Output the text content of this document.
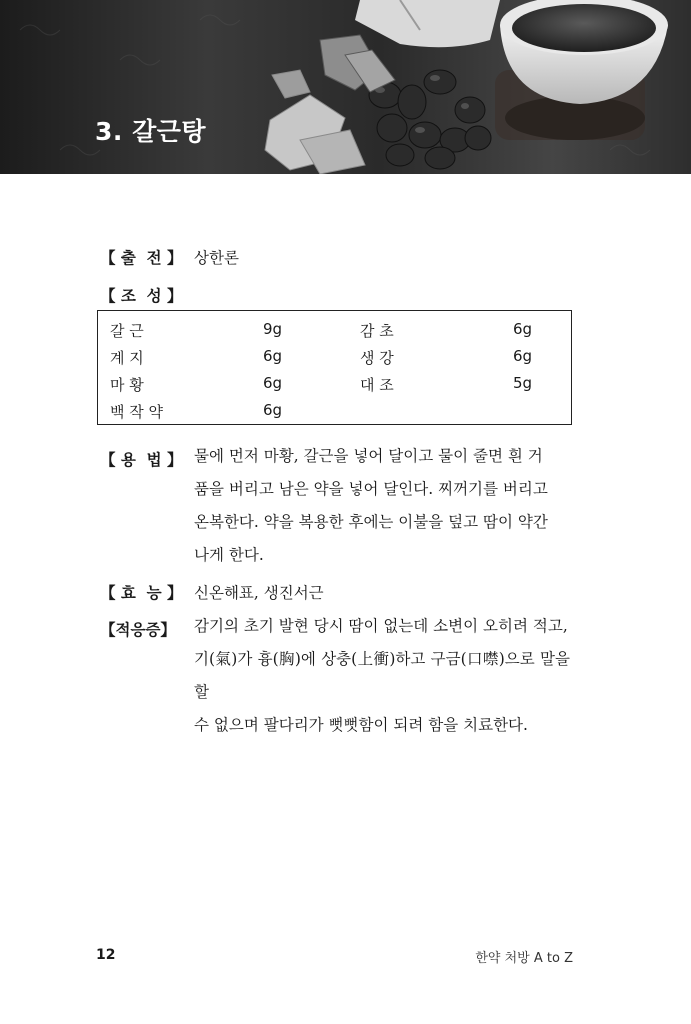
3. 갈근탕
【 출  전 】 상한론
【 조  성 】
갈 근	9g	감 초	6g
계 지	6g	생 강	6g
마 황	6g	대 조	5g
백 작 약	6g
【 용  법 】 물에 먼저 마황, 갈근을 넣어 달이고 물이 줄면 흰 거
품을 버리고 남은 약을 넣어 달인다. 찌꺼기를 버리고
온복한다. 약을 복용한 후에는 이불을 덮고 땀이 약간
나게 한다.
【 효  능 】 신온해표, 생진서근
【적응증】 감기의 초기 발현 당시 땀이 없는데 소변이 오히려 적고,
기(氣)가 흉(胸)에 상충(上衝)하고 구금(口噤)으로 말을 할
수 없으며 팔다리가 뻣뻣함이 되려 함을 치료한다.
12	한약 처방 A to Z
